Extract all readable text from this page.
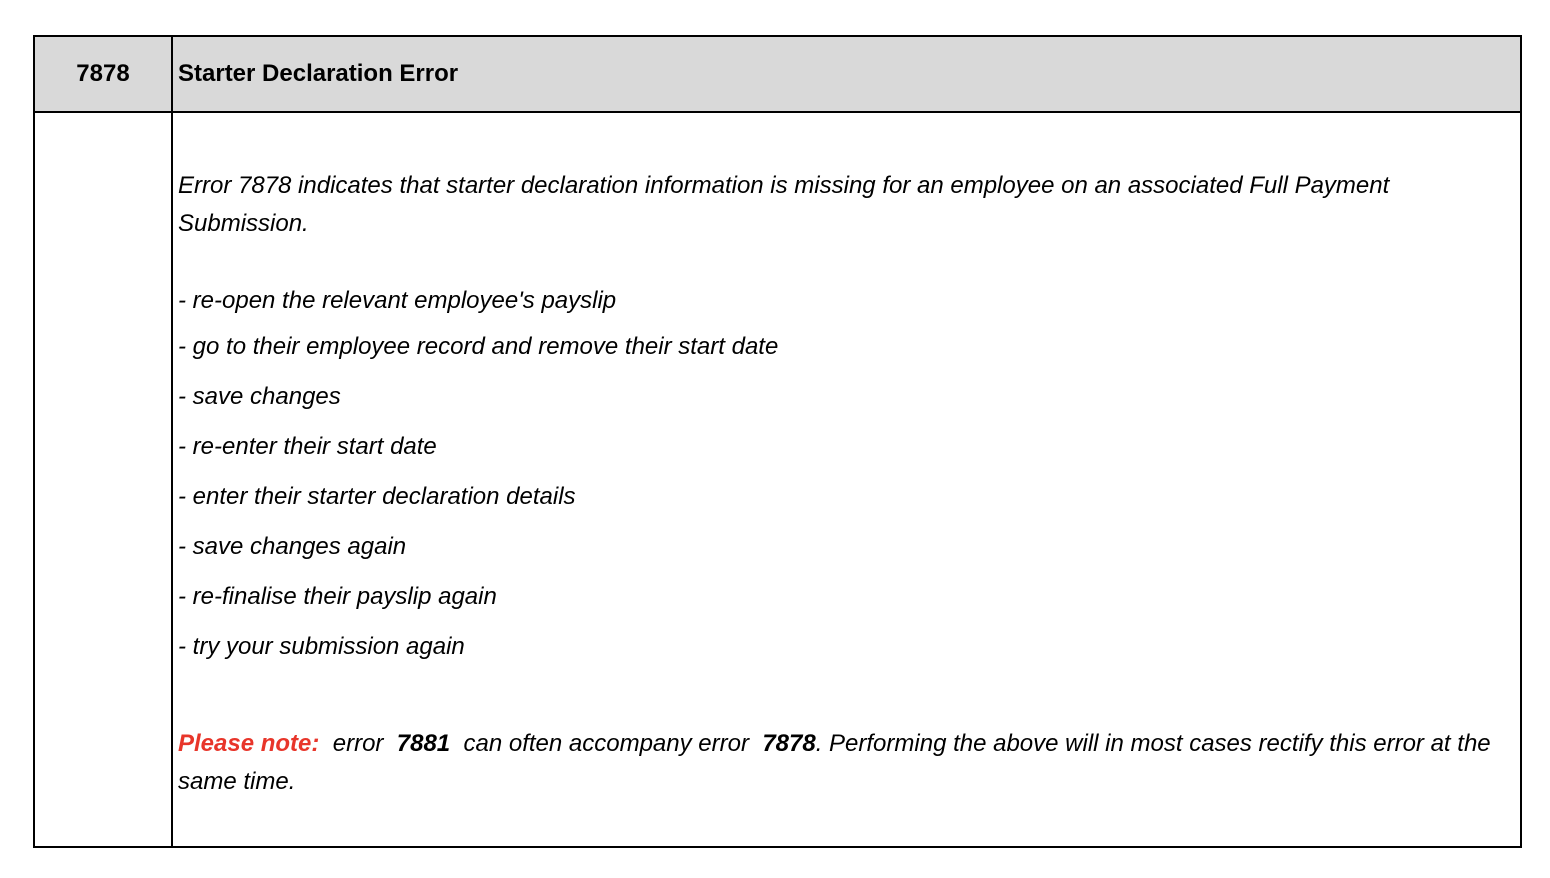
7878	Starter Declaration Error
Error 7878 indicates that starter declaration information is missing for an employee on an associated Full Payment Submission.
- re-open the relevant employee's payslip
- go to their employee record and remove their start date
- save changes
- re-enter their start date
- enter their starter declaration details
- save changes again
- re-finalise their payslip again
- try your submission again
Please note: error 7881 can often accompany error 7878. Performing the above will in most cases rectify this error at the same time.
